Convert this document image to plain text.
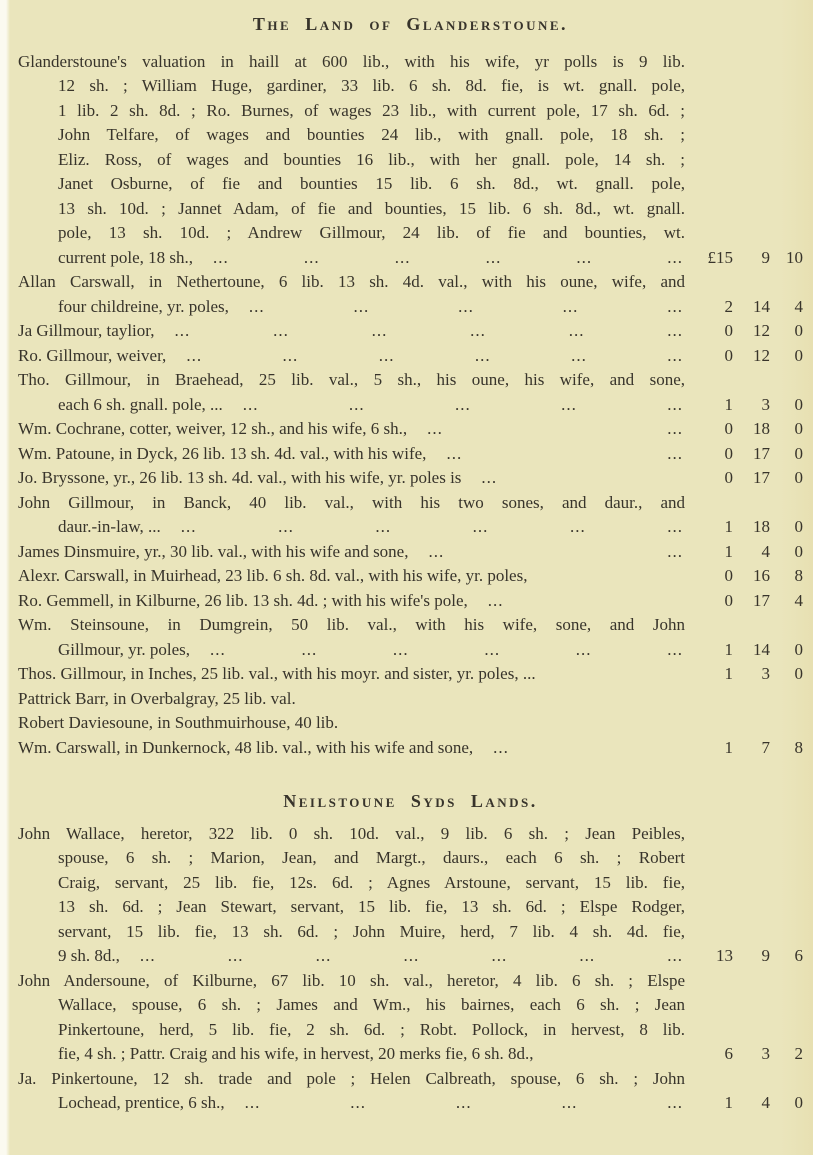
The Land of Glanderstoune.
Glanderstoune's valuation in haill at 600 lib., with his wife, yr polls is 9 lib.
12 sh. ; William Huge, gardiner, 33 lib. 6 sh. 8d. fie, is wt. gnall. pole,
1 lib. 2 sh. 8d. ; Ro. Burnes, of wages 23 lib., with current pole, 17 sh. 6d. ;
John Telfare, of wages and bounties 24 lib., with gnall. pole, 18 sh. ;
Eliz. Ross, of wages and bounties 16 lib., with her gnall. pole, 14 sh. ;
Janet Osburne, of fie and bounties 15 lib. 6 sh. 8d., wt. gnall. pole,
13 sh. 10d. ; Jannet Adam, of fie and bounties, 15 lib. 6 sh. 8d., wt. gnall.
pole, 13 sh. 10d. ; Andrew Gillmour, 24 lib. of fie and bounties, wt.
current pole, 18 sh., ...	...	...	...	...	...	£15	9 10
Allan Carswall, in Nethertoune, 6 lib. 13 sh. 4d. val., with his oune, wife, and
four childreine, yr. poles, ...	...	...	...	...	2	14	4
Ja Gillmour, taylior, ...	...	...	...	...	...	0	12	0
Ro. Gillmour, weiver, ...	...	...	...	...	...	0	12	0
Tho. Gillmour, in Braehead, 25 lib. val., 5 sh., his oune, his wife, and sone,
each 6 sh. gnall. pole, ... ...	...	...	...	...	1	3	0
Wm. Cochrane, cotter, weiver, 12 sh., and his wife, 6 sh., ...	...	0	18	0
Wm. Patoune, in Dyck, 26 lib. 13 sh. 4d. val., with his wife, ...	...	0	17	0
Jo. Bryssone, yr., 26 lib. 13 sh. 4d. val., with his wife, yr. poles is ...	0	17	0
John Gillmour, in Banck, 40 lib. val., with his two sones, and daur., and
daur.-in-law, ... ...	...	...	...	...	...	1	18	0
James Dinsmuire, yr., 30 lib. val., with his wife and sone, ...	...	1	4	0
Alexr. Carswall, in Muirhead, 23 lib. 6 sh. 8d. val., with his wife, yr. poles,	0	16	8
Ro. Gemmell, in Kilburne, 26 lib. 13 sh. 4d. ; with his wife's pole, ...	0	17	4
Wm. Steinsoune, in Dumgrein, 50 lib. val., with his wife, sone, and John
Gillmour, yr. poles, ...	...	...	...	...	...	1	14	0
Thos. Gillmour, in Inches, 25 lib. val., with his moyr. and sister, yr. poles, ...	1	3	0
Pattrick Barr, in Overbalgray, 25 lib. val.
Robert Daviesoune, in Southmuirhouse, 40 lib.
Wm. Carswall, in Dunkernock, 48 lib. val., with his wife and sone, ...	1	7	8
Neilstoune Syds Lands.
John Wallace, heretor, 322 lib. 0 sh. 10d. val., 9 lib. 6 sh. ; Jean Peibles,
spouse, 6 sh. ; Marion, Jean, and Margt., daurs., each 6 sh. ; Robert
Craig, servant, 25 lib. fie, 12s. 6d. ; Agnes Arstoune, servant, 15 lib. fie,
13 sh. 6d. ; Jean Stewart, servant, 15 lib. fie, 13 sh. 6d. ; Elspe Rodger,
servant, 15 lib. fie, 13 sh. 6d. ; John Muire, herd, 7 lib. 4 sh. 4d. fie,
9 sh. 8d., ...	...	...	...	...	...	...	13	9	6
John Andersoune, of Kilburne, 67 lib. 10 sh. val., heretor, 4 lib. 6 sh. ; Elspe
Wallace, spouse, 6 sh. ; James and Wm., his bairnes, each 6 sh. ; Jean
Pinkertoune, herd, 5 lib. fie, 2 sh. 6d. ; Robt. Pollock, in hervest, 8 lib.
fie, 4 sh. ; Pattr. Craig and his wife, in hervest, 20 merks fie, 6 sh. 8d.,	6	3	2
Ja. Pinkertoune, 12 sh. trade and pole ; Helen Calbreath, spouse, 6 sh. ; John
Lochead, prentice, 6 sh., ...	...	...	...	...	1	4	0
